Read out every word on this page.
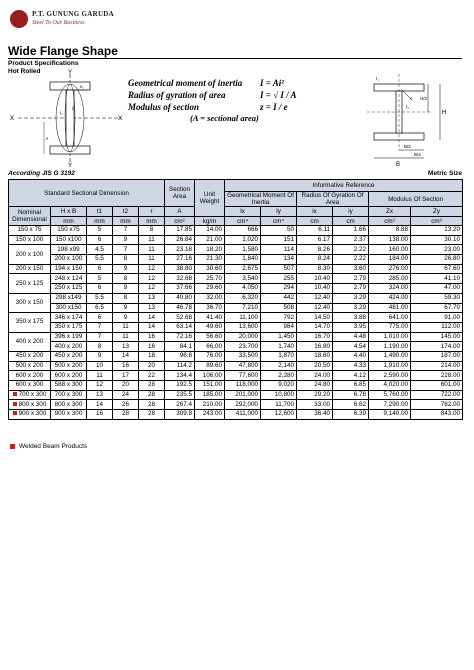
P.T. GUNUNG GARUDA
Steel To Our Business
Wide Flange Shape
Product Specifications
Hot Rolled	Y
Y
X	X
eₓ
e
iₓ
iᵧ
Geometrical moment of inertia	I = Ai²
Radius of gyration of area	I = √ I / A
Modulus of section	z = I / e
(A = sectional area)
t₁
t₂
r
H
H/2
B
B/2
B/4
According JIS G 3192	Metric Size
Standard Sectional Dimension					Section
Area	Unit
Weight	Informative Reference					
							Geometrical Moment Of Inertia		Radius Of Gyration Of Area		Modulus Of Section	
Nominal Dimensional	H x B	t1	t2	r	A		Ix	Iy	ix	iy	Zx	Zy
	mm	mm	mm	mm	cm²	kg/m	cm⁴	cm⁴	cm	cm	cm³	cm³
150 x 75	150 x75	5	7	8	17.85	14.00	666	50	6.11	1.66	8.88	13.20
150 x 100	150 x100	6	9	11	26.84	21.00	1,020	151	6.17	2.37	138.00	30.10
200 x 100	198 x99	4.5	7	11	23.18	18.20	1,580	114	8.26	2.22	160.00	23.00
	200 x 100	5.5	8	11	27.16	21.30	1,840	134	8.24	2.22	184.00	26.80
200 x 150	194 x 150	6	9	12	38.80	30.60	2,675	507	8.30	3.60	276.00	67.60
250 x 125	248 x 124	5	8	12	32.68	25.70	3,540	255	10.40	2.79	285.00	41.10
	250 x 125	6	9	12	37.66	29.60	4,050	294	10.40	2.79	324.00	47.00
300 x 150	298 x149	5.5	8	13	40.80	32.00	6,320	442	12.40	3.29	424.00	59.30
	300 x150	6.5	9	13	46.78	36.70	7,210	508	12.40	3.29	481.00	67.70
350 x 175	346 x 174	6	9	14	52.68	41.40	11,100	792	14.50	3.88	641.00	91.00
	350 x 175	7	11	14	63.14	49.60	13,600	984	14.70	3.95	775.00	112.00
400 x 200	396 x 199	7	11	16	72.16	56.60	20,000	1,450	16.70	4.48	1,010.00	145.00
	400 x 200	8	13	16	84.1	66.00	23,700	1,740	16.80	4.54	1,190.00	174.00
450 x 200	450 x 200	9	14	18	96.8	76.00	33,500	1,870	18.60	4.40	1,490.00	187.00
500 x 200	500 x 200	10	16	20	114.2	89.60	47,800	2,140	20.50	4.33	1,910.00	214.00
600 x 200	600 x 200	11	17	22	134.4	106.00	77,600	2,280	24.00	4.12	2,590.00	228.00
600 x 300	588 x 300	12	20	28	192.5	151.00	118,000	9,020	24.80	6.85	4,020.00	601.00
700 x 300	700 x 300	13	24	28	235.5	185.00	201,000	10,800	29.20	6.78	5,760.00	722.00
800 x 300	800 x 300	14	26	28	267.4	210.00	292,000	11,700	33.00	6.62	7,290.00	782.00
900 x 300	900 x 300	16	28	28	309.8	243.00	411,000	12,600	36.40	6.39	9,140.00	843.00
Welded Beam Products
